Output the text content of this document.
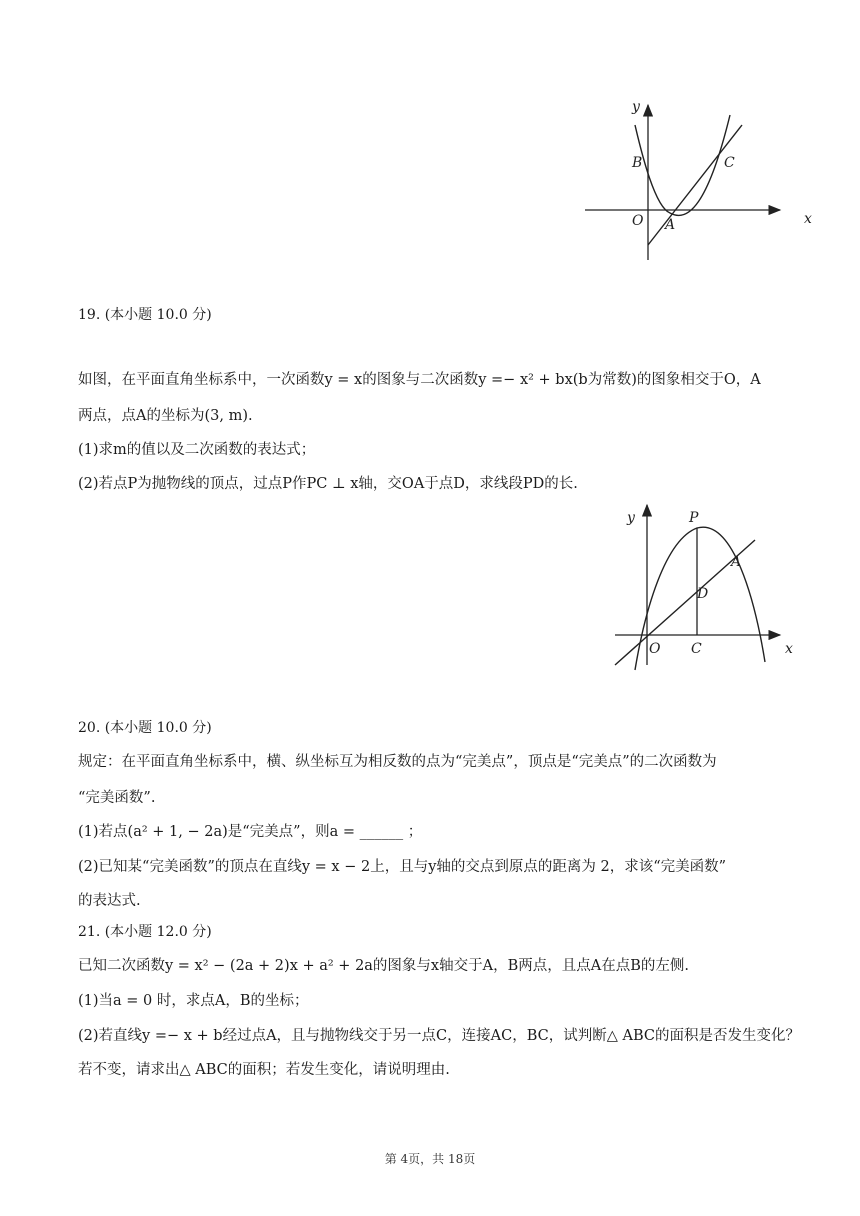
y
x
B	C
O A
19. (本小题 10.0 分)
如图，在平面直角坐标系中，一次函数y = x的图象与二次函数y =− x² + bx(b为常数)的图象相交于O，A
两点，点A的坐标为(3, m).
(1)求m的值以及二次函数的表达式；
(2)若点P为抛物线的顶点，过点P作PC ⊥ x轴，交OA于点D，求线段PD的长.
y
x
P
A
D
O C
20. (本小题 10.0 分)
规定：在平面直角坐标系中，横、纵坐标互为相反数的点为“完美点”，顶点是“完美点”的二次函数为
“完美函数”.
(1)若点(a² + 1, − 2a)是“完美点”，则a = ______ ；
(2)已知某“完美函数”的顶点在直线y = x − 2上，且与y轴的交点到原点的距离为 2，求该“完美函数”
的表达式.
21. (本小题 12.0 分)
已知二次函数y = x² − (2a + 2)x + a² + 2a的图象与x轴交于A，B两点，且点A在点B的左侧.
(1)当a = 0 时，求点A，B的坐标；
(2)若直线y =− x + b经过点A，且与抛物线交于另一点C，连接AC，BC，试判断△ ABC的面积是否发生变化？
若不变，请求出△ ABC的面积；若发生变化，请说明理由.
第 4页，共 18页
